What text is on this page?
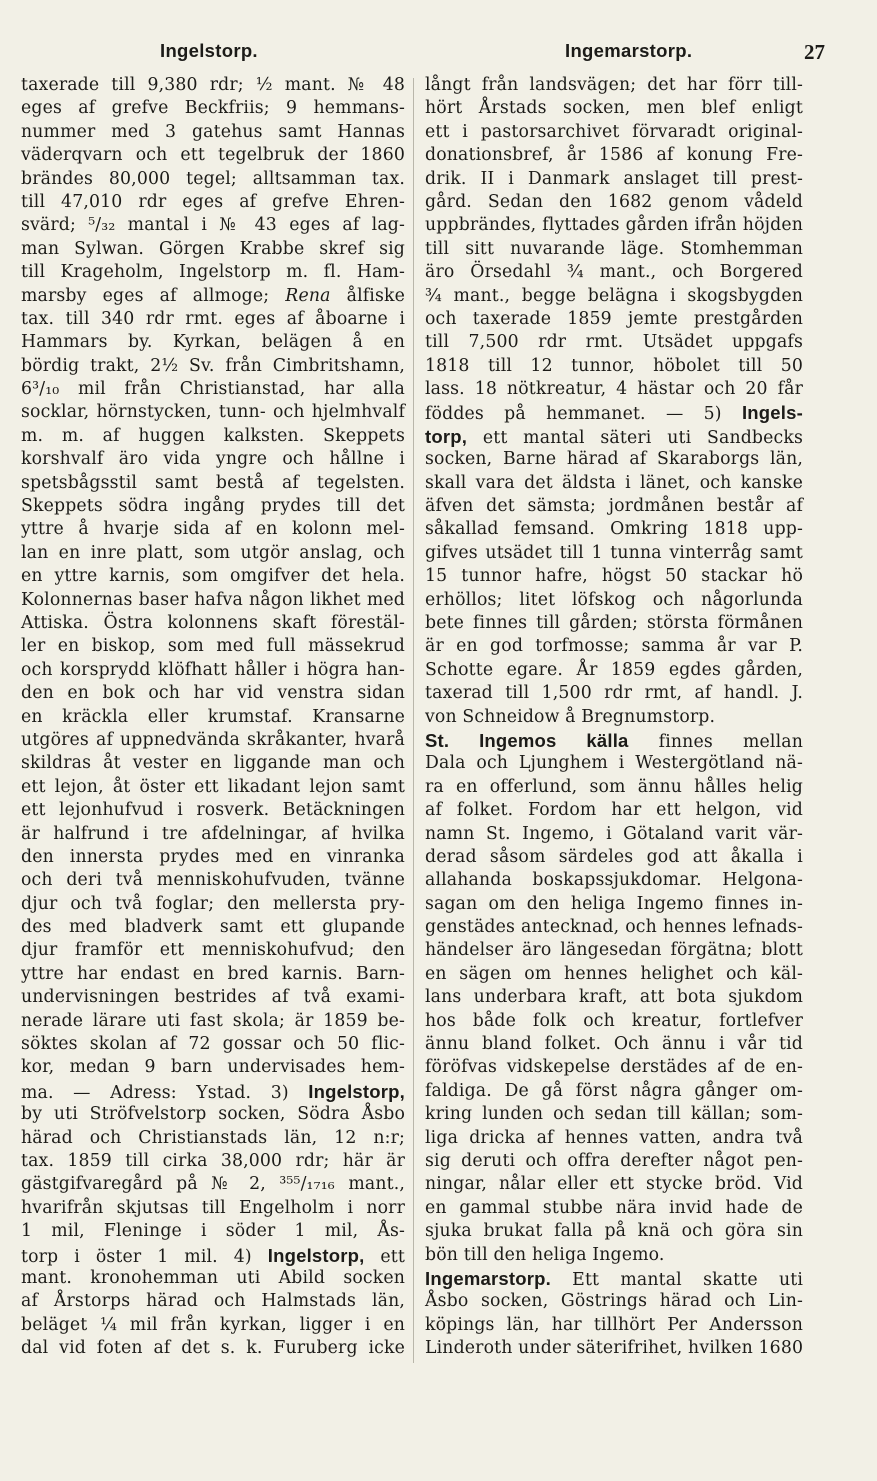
Ingelstorp.	Ingemarstorp.	27
taxerade till 9,380 rdr; ½ mant. № 48
eges af grefve Beckfriis; 9 hemmans-
nummer med 3 gatehus samt Hannas
väderqvarn och ett tegelbruk der 1860
brändes 80,000 tegel; alltsamman tax.
till 47,010 rdr eges af grefve Ehren-
svärd; ⁵/₃₂ mantal i № 43 eges af lag-
man Sylwan. Görgen Krabbe skref sig
till Krageholm, Ingelstorp m. fl. Ham-
marsby eges af allmoge; Rena ålfiske
tax. till 340 rdr rmt. eges af åboarne i
Hammars by. Kyrkan, belägen å en
bördig trakt, 2½ Sv. från Cimbritshamn,
6³/₁₀ mil från Christianstad, har alla
socklar, hörnstycken, tunn- och hjelmhvalf
m. m. af huggen kalksten. Skeppets
korshvalf äro vida yngre och hållne i
spetsbågsstil samt bestå af tegelsten.
Skeppets södra ingång prydes till det
yttre å hvarje sida af en kolonn mel-
lan en inre platt, som utgör anslag, och
en yttre karnis, som omgifver det hela.
Kolonnernas baser hafva någon likhet med
Attiska. Östra kolonnens skaft förestäl-
ler en biskop, som med full mässekrud
och korsprydd klöfhatt håller i högra han-
den en bok och har vid venstra sidan
en kräckla eller krumstaf. Kransarne
utgöres af uppnedvända skråkanter, hvarå
skildras åt vester en liggande man och
ett lejon, åt öster ett likadant lejon samt
ett lejonhufvud i rosverk. Betäckningen
är halfrund i tre afdelningar, af hvilka
den innersta prydes med en vinranka
och deri två menniskohufvuden, tvänne
djur och två foglar; den mellersta pry-
des med bladverk samt ett glupande
djur framför ett menniskohufvud; den
yttre har endast en bred karnis. Barn-
undervisningen bestrides af två exami-
nerade lärare uti fast skola; är 1859 be-
söktes skolan af 72 gossar och 50 flic-
kor, medan 9 barn undervisades hem-
ma. — Adress: Ystad. 3) Ingelstorp,
by uti Ströfvelstorp socken, Södra Åsbo
härad och Christianstads län, 12 n:r;
tax. 1859 till cirka 38,000 rdr; här är
gästgifvaregård på № 2, ³⁵⁵/₁₇₁₆ mant.,
hvarifrån skjutsas till Engelholm i norr
1 mil, Fleninge i söder 1 mil, Ås-
torp i öster 1 mil. 4) Ingelstorp, ett
mant. kronohemman uti Abild socken
af Årstorps härad och Halmstads län,
beläget ¼ mil från kyrkan, ligger i en
dal vid foten af det s. k. Furuberg icke
långt från landsvägen; det har förr till-
hört Årstads socken, men blef enligt
ett i pastorsarchivet förvaradt original-
donationsbref, år 1586 af konung Fre-
drik. II i Danmark anslaget till prest-
gård. Sedan den 1682 genom vådeld
uppbrändes, flyttades gården ifrån höjden
till sitt nuvarande läge. Stomhemman
äro Örsedahl ¾ mant., och Borgered
¾ mant., begge belägna i skogsbygden
och taxerade 1859 jemte prestgården
till 7,500 rdr rmt. Utsädet uppgafs
1818 till 12 tunnor, höbolet till 50
lass. 18 nötkreatur, 4 hästar och 20 får
föddes på hemmanet. — 5) Ingels-
torp, ett mantal säteri uti Sandbecks
socken, Barne härad af Skaraborgs län,
skall vara det äldsta i länet, och kanske
äfven det sämsta; jordmånen består af
såkallad femsand. Omkring 1818 upp-
gifves utsädet till 1 tunna vinterråg samt
15 tunnor hafre, högst 50 stackar hö
erhöllos; litet löfskog och någorlunda
bete finnes till gården; största förmånen
är en god torfmosse; samma år var P.
Schotte egare. År 1859 egdes gården,
taxerad till 1,500 rdr rmt, af handl. J.
von Schneidow å Bregnumstorp.
St. Ingemos källa finnes mellan
Dala och Ljunghem i Westergötland nä-
ra en offerlund, som ännu hålles helig
af folket. Fordom har ett helgon, vid
namn St. Ingemo, i Götaland varit vär-
derad såsom särdeles god att åkalla i
allahanda boskapssjukdomar. Helgona-
sagan om den heliga Ingemo finnes in-
genstädes antecknad, och hennes lefnads-
händelser äro längesedan förgätna; blott
en sägen om hennes helighet och käl-
lans underbara kraft, att bota sjukdom
hos både folk och kreatur, fortlefver
ännu bland folket. Och ännu i vår tid
föröfvas vidskepelse derstädes af de en-
faldiga. De gå först några gånger om-
kring lunden och sedan till källan; som-
liga dricka af hennes vatten, andra två
sig deruti och offra derefter något pen-
ningar, nålar eller ett stycke bröd. Vid
en gammal stubbe nära invid hade de
sjuka brukat falla på knä och göra sin
bön till den heliga Ingemo.
Ingemarstorp. Ett mantal skatte uti
Åsbo socken, Göstrings härad och Lin-
köpings län, har tillhört Per Andersson
Linderoth under säterifrihet, hvilken 1680
